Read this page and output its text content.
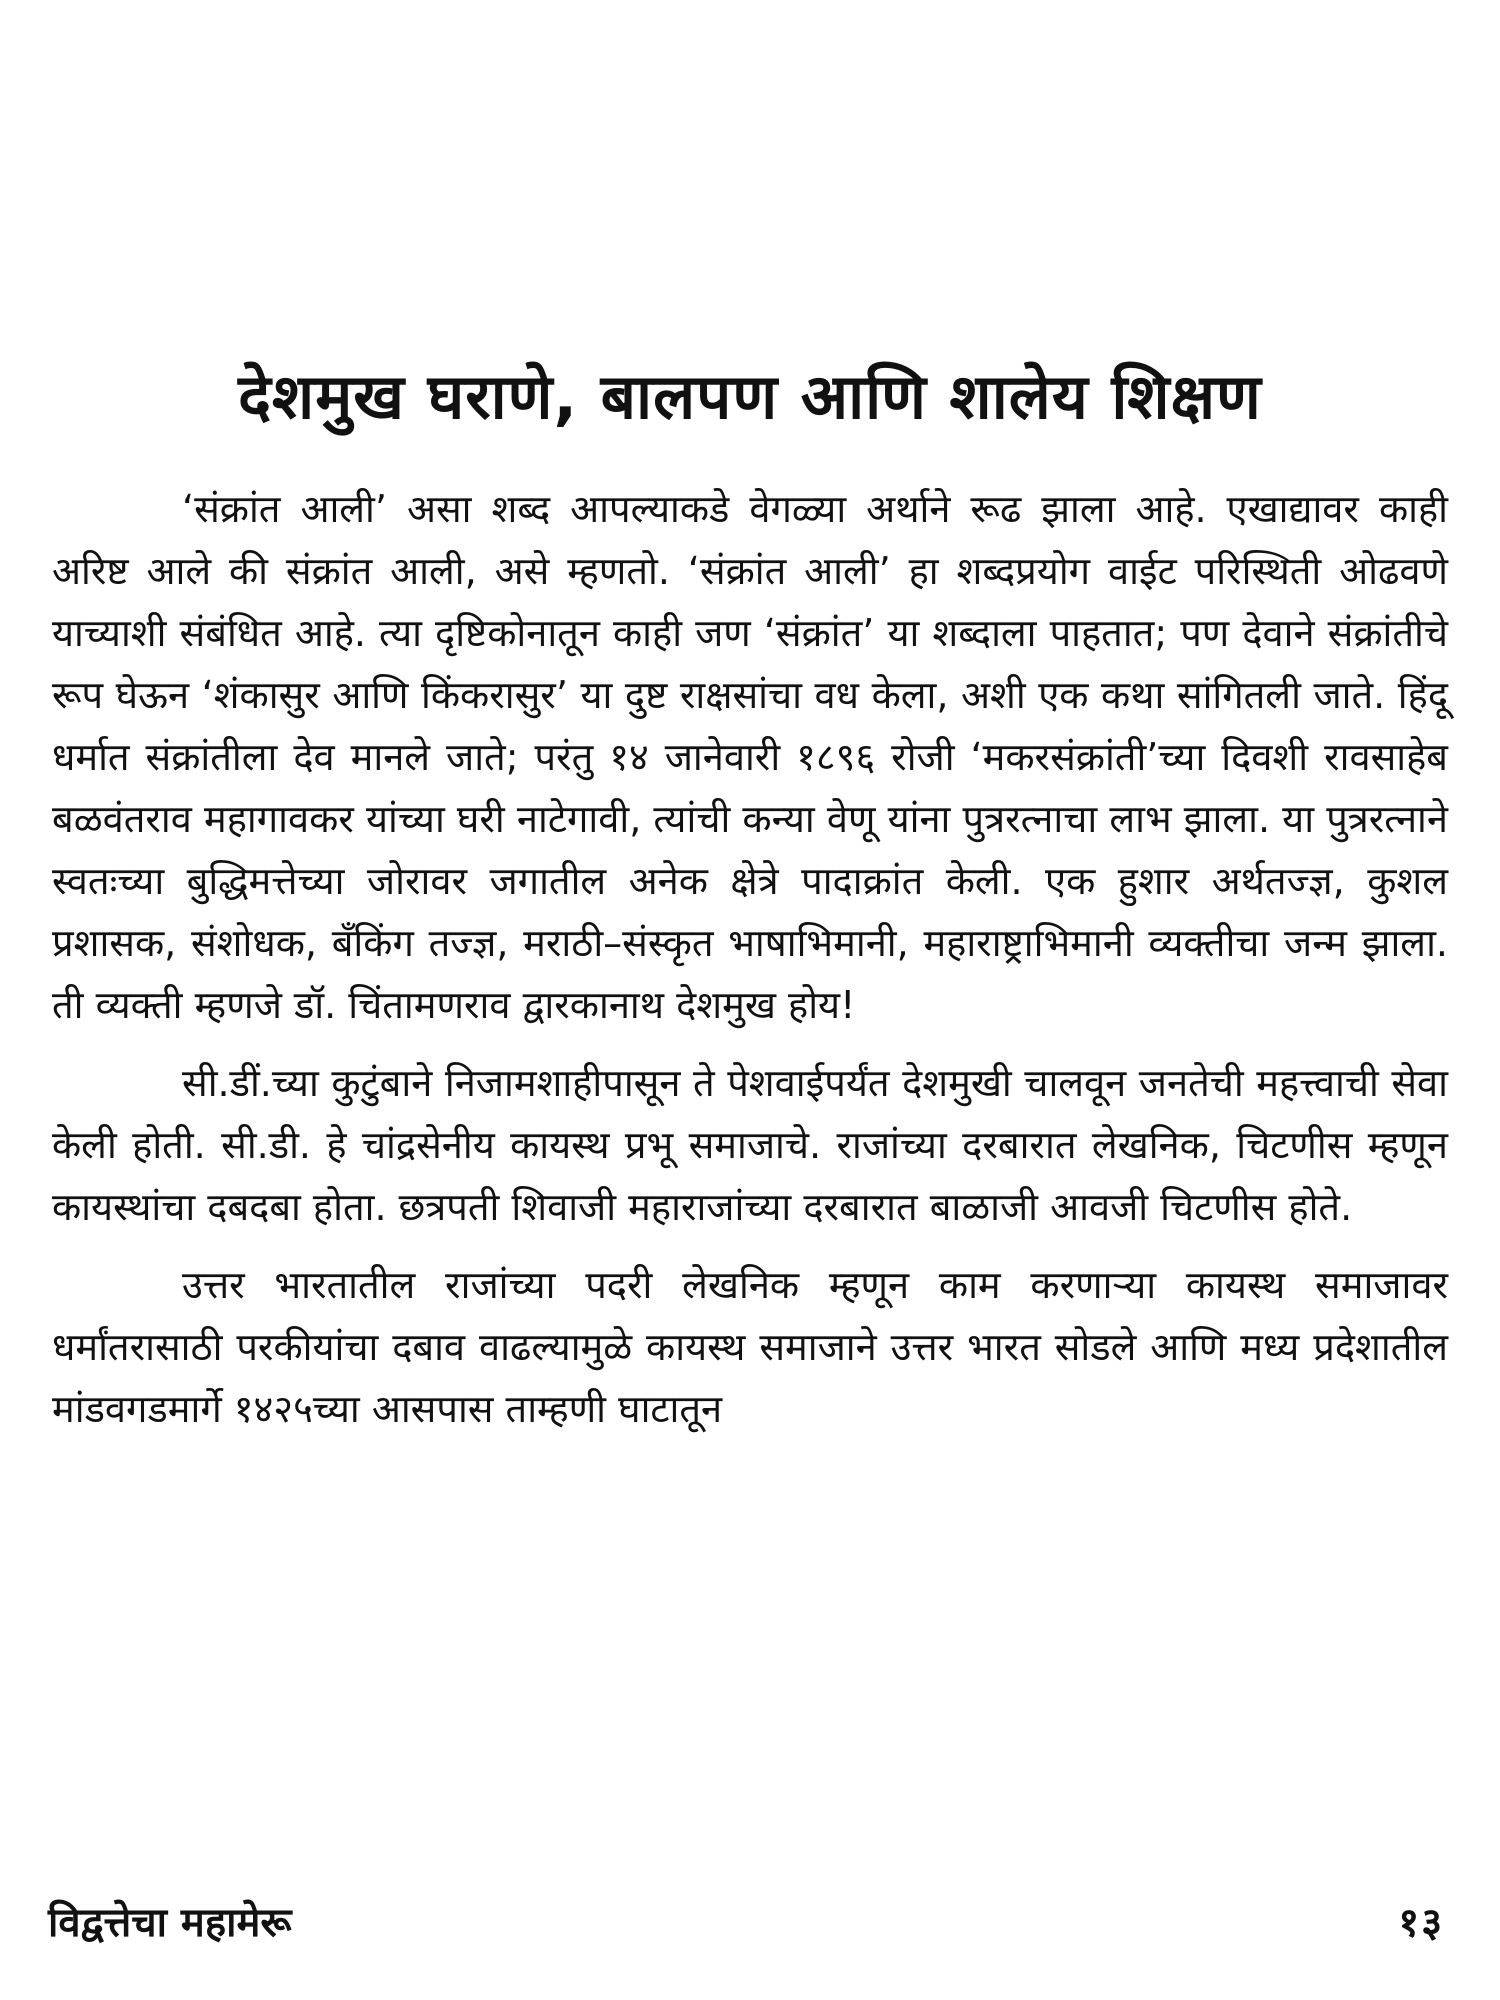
देशमुख घराणे, बालपण आणि शालेय शिक्षण

‘संक्रांत आली’ असा शब्द आपल्याकडे वेगळ्या अर्थाने रूढ झाला आहे. एखाद्यावर काही अरिष्ट आले की संक्रांत आली, असे म्हणतो. ‘संक्रांत आली’ हा शब्दप्रयोग वाईट परिस्थिती ओढवणे याच्याशी संबंधित आहे. त्या दृष्टिकोनातून काही जण ‘संक्रांत’ या शब्दाला पाहतात; पण देवाने संक्रांतीचे रूप घेऊन ‘शंकासुर आणि किंकरासुर’ या दुष्ट राक्षसांचा वध केला, अशी एक कथा सांगितली जाते. हिंदू धर्मात संक्रांतीला देव मानले जाते; परंतु १४ जानेवारी १८९६ रोजी ‘मकरसंक्रांती’च्या दिवशी रावसाहेब बळवंतराव महागावकर यांच्या घरी नाटेगावी, त्यांची कन्या वेणू यांना पुत्ररत्नाचा लाभ झाला. या पुत्ररत्नाने स्वतःच्या बुद्धिमत्तेच्या जोरावर जगातील अनेक क्षेत्रे पादाक्रांत केली. एक हुशार अर्थतज्ज्ञ, कुशल प्रशासक, संशोधक, बँकिंग तज्ज्ञ, मराठी–संस्कृत भाषाभिमानी, महाराष्ट्राभिमानी व्यक्तीचा जन्म झाला. ती व्यक्ती म्हणजे डॉ. चिंतामणराव द्वारकानाथ देशमुख होय!

सी.डीं.च्या कुटुंबाने निजामशाहीपासून ते पेशवाईपर्यंत देशमुखी चालवून जनतेची महत्त्वाची सेवा केली होती. सी.डी. हे चांद्रसेनीय कायस्थ प्रभू समाजाचे. राजांच्या दरबारात लेखनिक, चिटणीस म्हणून कायस्थांचा दबदबा होता. छत्रपती शिवाजी महाराजांच्या दरबारात बाळाजी आवजी चिटणीस होते.

उत्तर भारतातील राजांच्या पदरी लेखनिक म्हणून काम करणाऱ्या कायस्थ समाजावर धर्मांतरासाठी परकीयांचा दबाव वाढल्यामुळे कायस्थ समाजाने उत्तर भारत सोडले आणि मध्य प्रदेशातील मांडवगडमार्गे १४२५च्या आसपास ताम्हणी घाटातून

विद्वत्तेचा महामेरू	१३
